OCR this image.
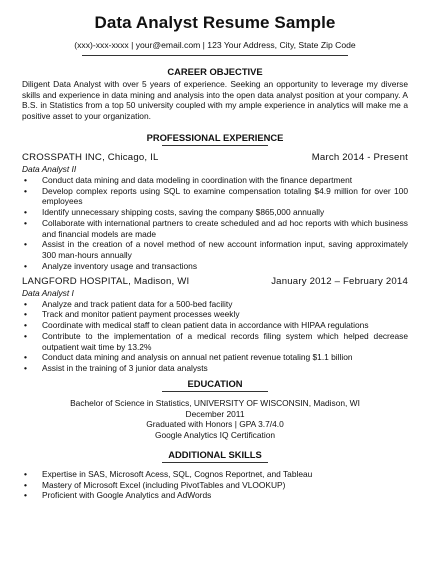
Data Analyst Resume Sample
(xxx)-xxx-xxxx | your@email.com | 123 Your Address, City, State Zip Code
CAREER OBJECTIVE
Diligent Data Analyst with over 5 years of experience. Seeking an opportunity to leverage my diverse skills and experience in data mining and analysis into the open data analyst position at your company. A B.S. in Statistics from a top 50 university coupled with my ample experience in analytics will make me a positive asset to your organization.
PROFESSIONAL EXPERIENCE
CROSSPATH INC, Chicago, IL	March 2014 - Present
Data Analyst II
• Conduct data mining and data modeling in coordination with the finance department
• Develop complex reports using SQL to examine compensation totaling $4.9 million for over 100 employees
• Identify unnecessary shipping costs, saving the company $865,000 annually
• Collaborate with international partners to create scheduled and ad hoc reports with which business and financial models are made
• Assist in the creation of a novel method of new account information input, saving approximately 300 man-hours annually
• Analyze inventory usage and transactions
LANGFORD HOSPITAL, Madison, WI	January 2012 – February 2014
Data Analyst I
• Analyze and track patient data for a 500-bed facility
• Track and monitor patient payment processes weekly
• Coordinate with medical staff to clean patient data in accordance with HIPAA regulations
• Contribute to the implementation of a medical records filing system which helped decrease outpatient wait time by 13.2%
• Conduct data mining and analysis on annual net patient revenue totaling $1.1 billion
• Assist in the training of 3 junior data analysts
EDUCATION
Bachelor of Science in Statistics, UNIVERSITY OF WISCONSIN, Madison, WI
December 2011
Graduated with Honors | GPA 3.7/4.0
Google Analytics IQ Certification
ADDITIONAL SKILLS
• Expertise in SAS, Microsoft Acess, SQL, Cognos Reportnet, and Tableau
• Mastery of Microsoft Excel (including PivotTables and VLOOKUP)
• Proficient with Google Analytics and AdWords
